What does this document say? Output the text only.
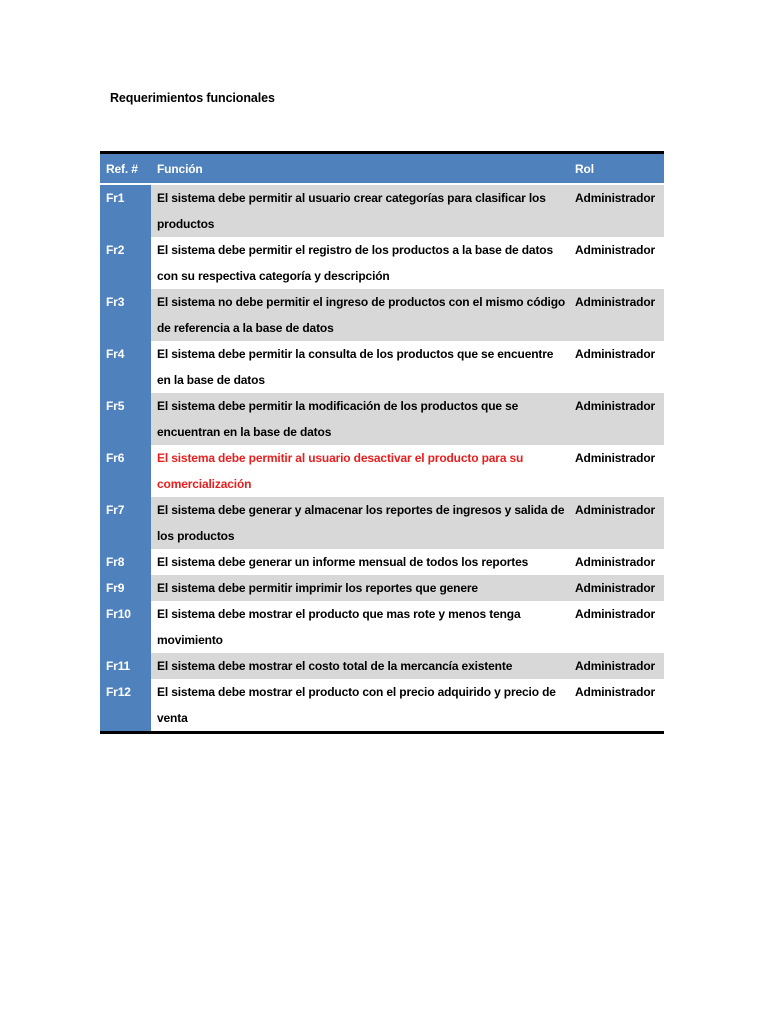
Requerimientos funcionales
Ref. #	Función	Rol
Fr1	El sistema debe permitir al usuario crear categorías para clasificar los productos	Administrador
Fr2	El sistema debe permitir el registro de los productos a la base de datos con su respectiva categoría y descripción	Administrador
Fr3	El sistema no debe permitir el ingreso de productos con el mismo código de referencia a la base de datos	Administrador
Fr4	El sistema debe permitir la consulta de los productos que se encuentre en la base de datos	Administrador
Fr5	El sistema debe permitir la modificación de los productos que se encuentran en la base de datos	Administrador
Fr6	El sistema debe permitir al usuario desactivar el producto para su comercialización	Administrador
Fr7	El sistema debe generar y almacenar los reportes de ingresos y salida de los productos	Administrador
Fr8	El sistema debe generar un informe mensual de todos los reportes	Administrador
Fr9	El sistema debe permitir imprimir los reportes que genere	Administrador
Fr10	El sistema debe mostrar el producto que mas rote y menos tenga movimiento	Administrador
Fr11	El sistema debe mostrar el costo total de la mercancía existente	Administrador
Fr12	El sistema debe mostrar el producto con el precio adquirido y precio de venta	Administrador
